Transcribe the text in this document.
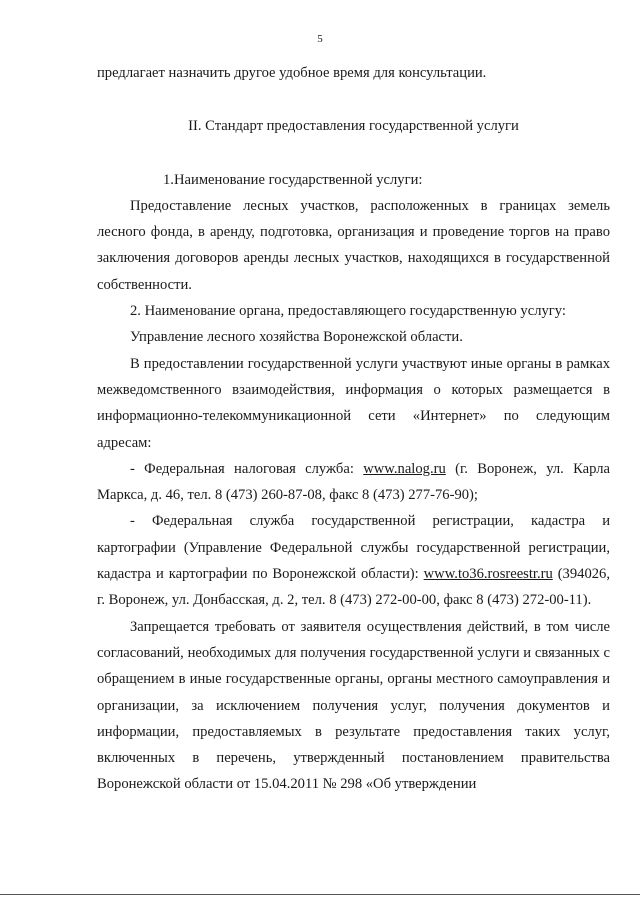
5

предлагает назначить другое удобное время для консультации.

II. Стандарт предоставления государственной услуги

1.Наименование государственной услуги:

Предоставление лесных участков, расположенных в границах земель лесного фонда, в аренду, подготовка, организация и проведение торгов на право заключения договоров аренды лесных участков, находящихся в государственной собственности.

2. Наименование органа, предоставляющего государственную услугу:

Управление лесного хозяйства Воронежской области.

В предоставлении государственной услуги участвуют иные органы в рамках межведомственного взаимодействия, информация о которых размещается в информационно-телекоммуникационной сети «Интернет» по следующим адресам:

- Федеральная налоговая служба: www.nalog.ru (г. Воронеж, ул. Карла Маркса, д. 46, тел. 8 (473) 260-87-08, факс 8 (473) 277-76-90);

- Федеральная служба государственной регистрации, кадастра и картографии (Управление Федеральной службы государственной регистрации, кадастра и картографии по Воронежской области): www.to36.rosreestr.ru (394026, г. Воронеж, ул. Донбасская, д. 2, тел. 8 (473) 272-00-00, факс 8 (473) 272-00-11).

Запрещается требовать от заявителя осуществления действий, в том числе согласований, необходимых для получения государственной услуги и связанных с обращением в иные государственные органы, органы местного самоуправления и организации, за исключением получения услуг, получения документов и информации, предоставляемых в результате предоставления таких услуг, включенных в перечень, утвержденный постановлением правительства Воронежской области от 15.04.2011 № 298 «Об утверждении
